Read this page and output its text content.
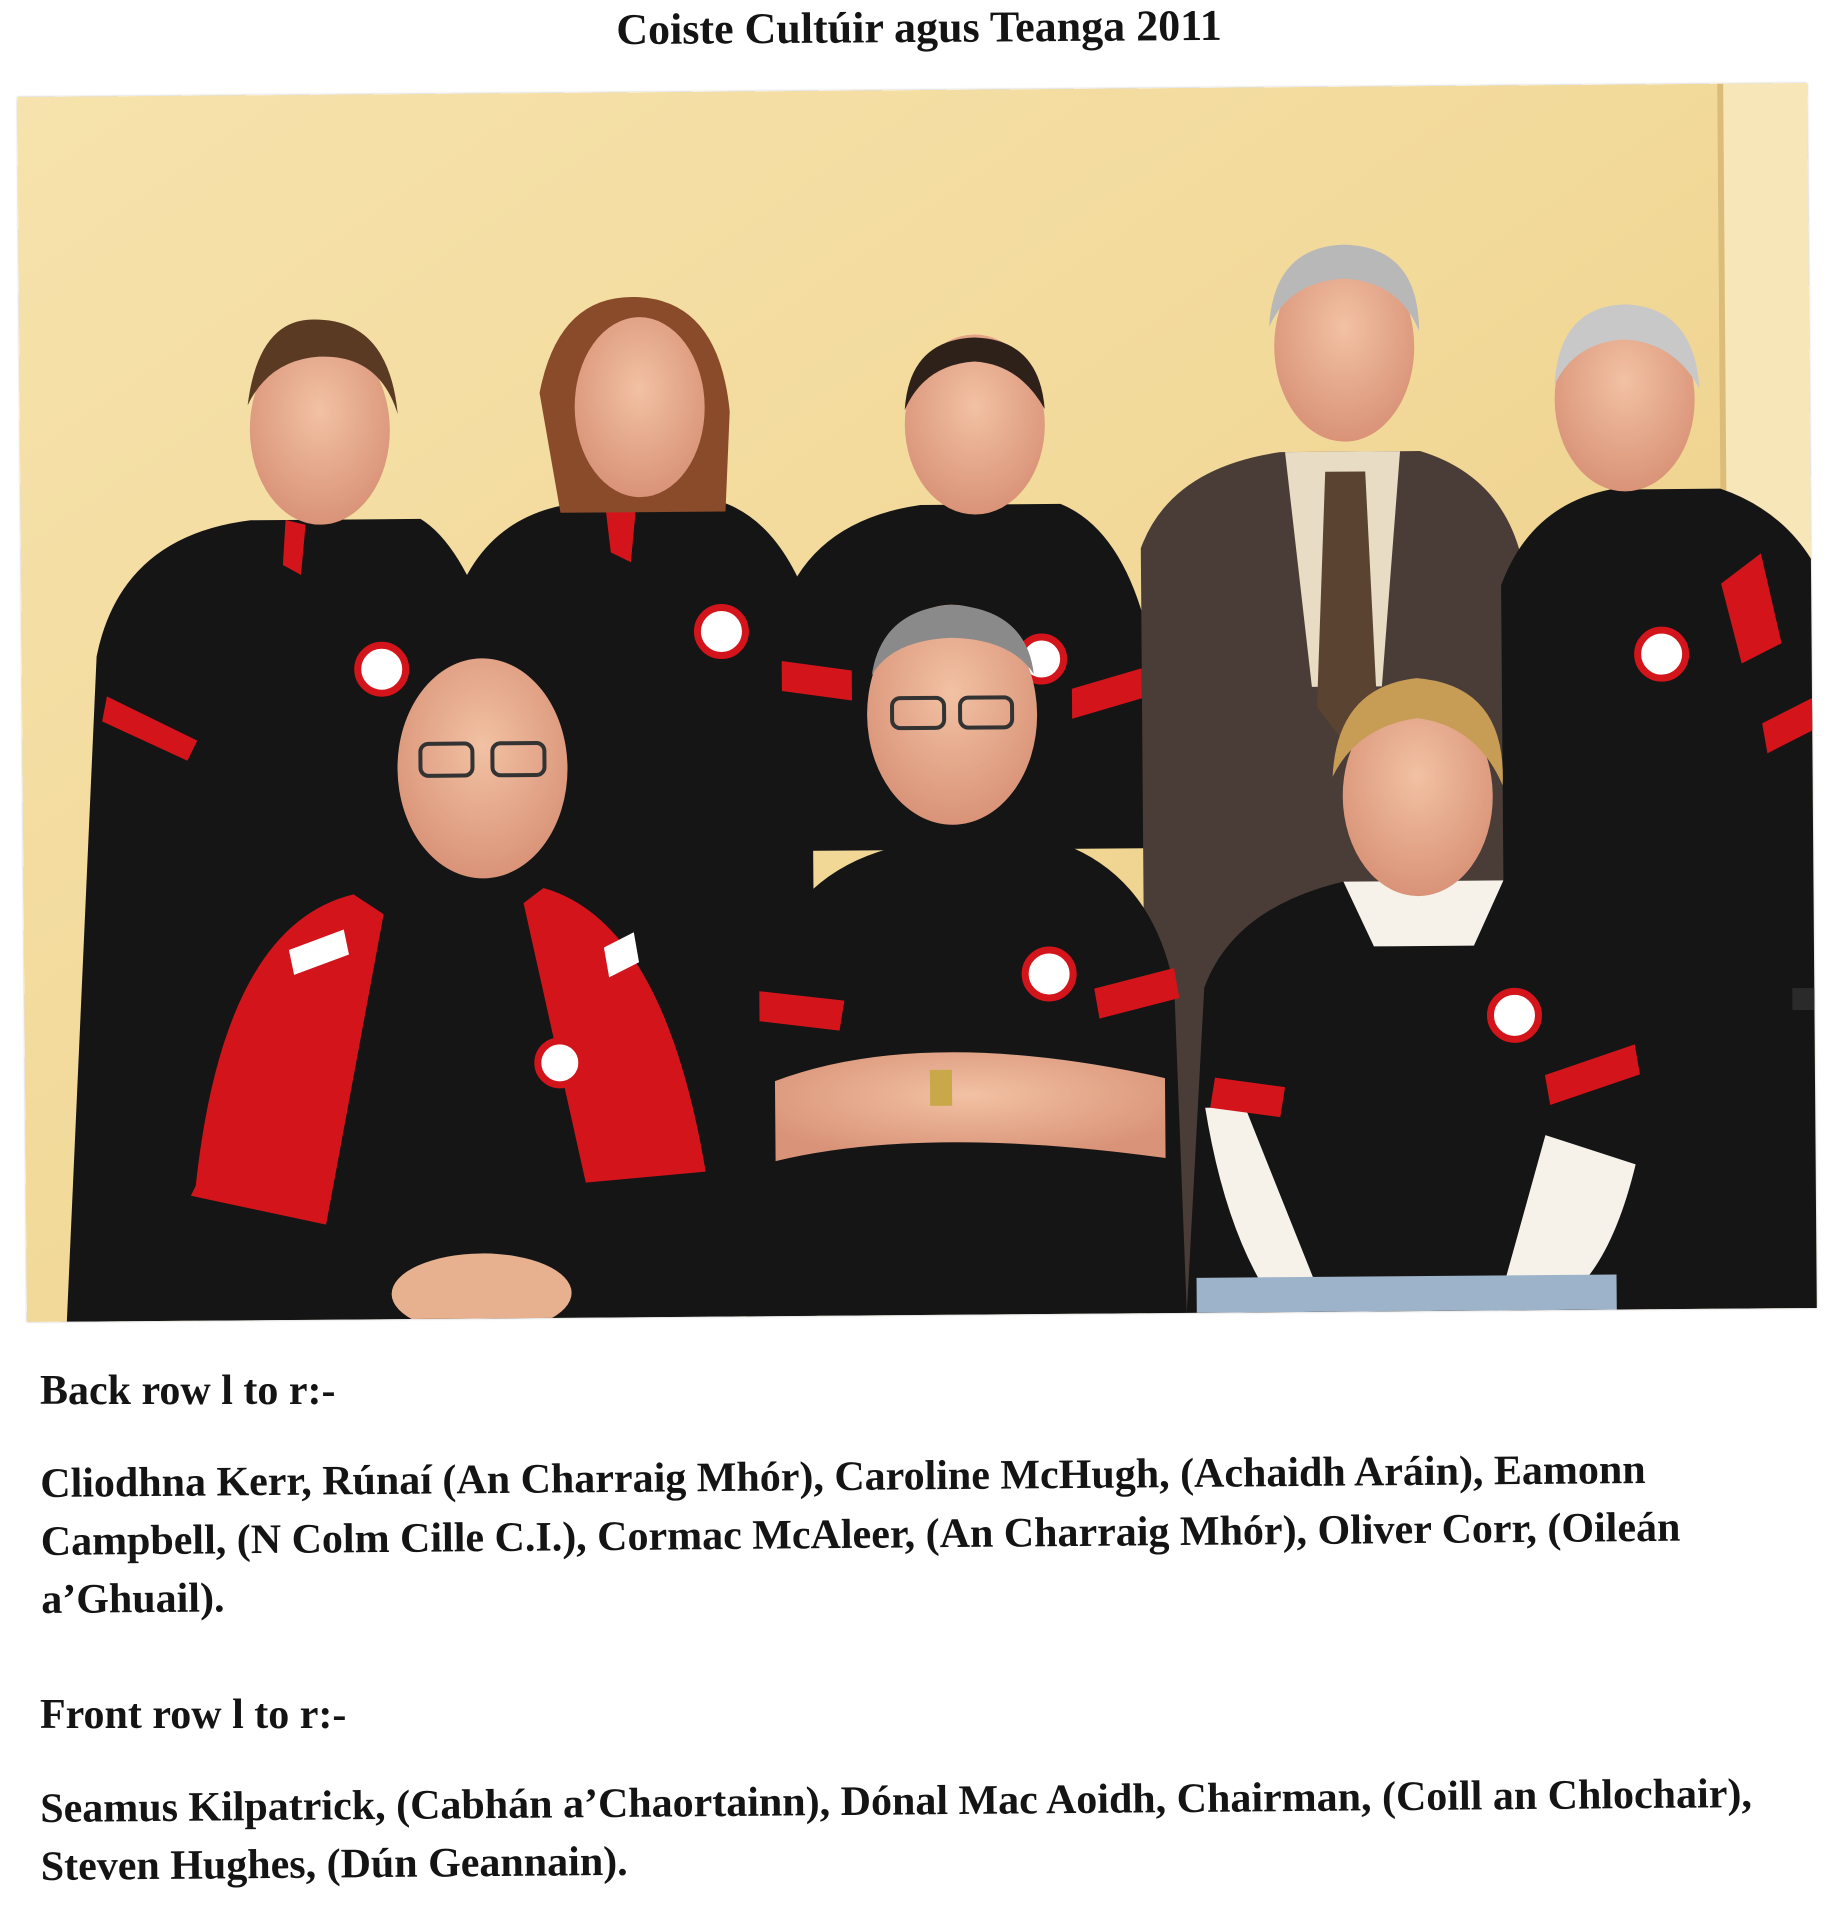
Coiste Cultúir agus Teanga 2011
Back row l to r:-
Cliodhna Kerr, Rúnaí (An Charraig Mhór), Caroline McHugh, (Achaidh Aráin), Eamonn Campbell, (N Colm Cille C.I.), Cormac McAleer, (An Charraig Mhór), Oliver Corr, (Oileán a’Ghuail).
Front row l to r:-
Seamus Kilpatrick, (Cabhán a’Chaortainn), Dónal Mac Aoidh, Chairman, (Coill an Chlochair), Steven Hughes, (Dún Geannain).
